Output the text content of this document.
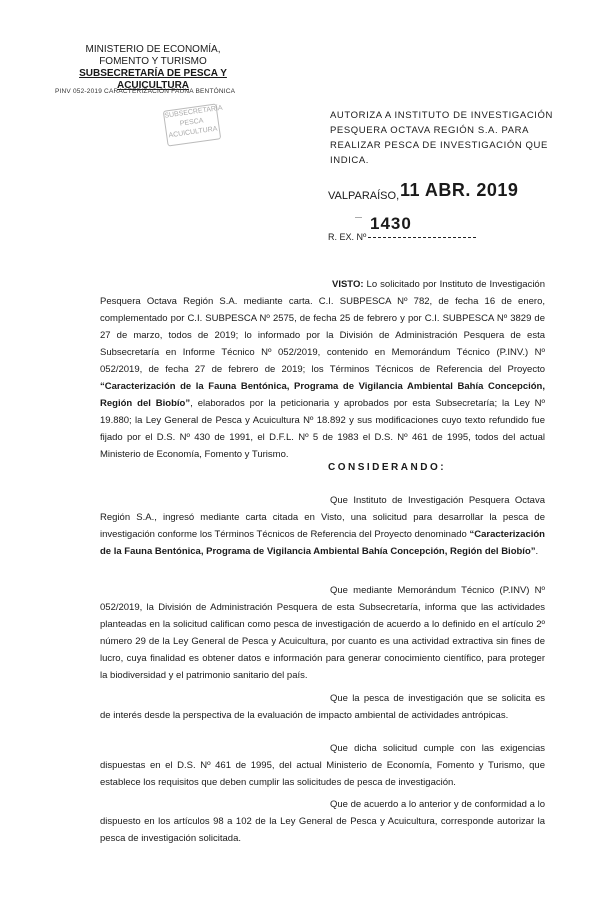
MINISTERIO DE ECONOMÍA,
FOMENTO Y TURISMO
SUBSECRETARÍA DE PESCA Y ACUICULTURA
PINV 052-2019 CARACTERIZACIÓN FAUNA BENTÓNICA
SUBSECRETARÍA
PESCA
ACUICULTURA
AUTORIZA A INSTITUTO DE INVESTIGACIÓN PESQUERA OCTAVA REGIÓN S.A. PARA REALIZAR PESCA DE INVESTIGACIÓN QUE INDICA.
VALPARAÍSO, 11 ABR. 2019
—
R. EX. Nº
1430
VISTO: Lo solicitado por Instituto de Investigación Pesquera Octava Región S.A. mediante carta. C.I. SUBPESCA Nº 782, de fecha 16 de enero, complementado por C.I. SUBPESCA Nº 2575, de fecha 25 de febrero y por C.I. SUBPESCA Nº 3829 de 27 de marzo, todos de 2019; lo informado por la División de Administración Pesquera de esta Subsecretaría en Informe Técnico Nº 052/2019, contenido en Memorándum Técnico (P.INV.) Nº 052/2019, de fecha 27 de febrero de 2019; los Términos Técnicos de Referencia del Proyecto “Caracterización de la Fauna Bentónica, Programa de Vigilancia Ambiental Bahía Concepción, Región del Biobío”, elaborados por la peticionaria y aprobados por esta Subsecretaría; la Ley Nº 19.880; la Ley General de Pesca y Acuicultura Nº 18.892 y sus modificaciones cuyo texto refundido fue fijado por el D.S. Nº 430 de 1991, el D.F.L. Nº 5 de 1983 el D.S. Nº 461 de 1995, todos del actual Ministerio de Economía, Fomento y Turismo.
CONSIDERANDO:
Que Instituto de Investigación Pesquera Octava Región S.A., ingresó mediante carta citada en Visto, una solicitud para desarrollar la pesca de investigación conforme los Términos Técnicos de Referencia del Proyecto denominado “Caracterización de la Fauna Bentónica, Programa de Vigilancia Ambiental Bahía Concepción, Región del Biobío”.
Que mediante Memorándum Técnico (P.INV) Nº 052/2019, la División de Administración Pesquera de esta Subsecretaría, informa que las actividades planteadas en la solicitud califican como pesca de investigación de acuerdo a lo definido en el artículo 2º número 29 de la Ley General de Pesca y Acuicultura, por cuanto es una actividad extractiva sin fines de lucro, cuya finalidad es obtener datos e información para generar conocimiento científico, para proteger la biodiversidad y el patrimonio sanitario del país.
Que la pesca de investigación que se solicita es de interés desde la perspectiva de la evaluación de impacto ambiental de actividades antrópicas.
Que dicha solicitud cumple con las exigencias dispuestas en el D.S. Nº 461 de 1995, del actual Ministerio de Economía, Fomento y Turismo, que establece los requisitos que deben cumplir las solicitudes de pesca de investigación.
Que de acuerdo a lo anterior y de conformidad a lo dispuesto en los artículos 98 a 102 de la Ley General de Pesca y Acuicultura, corresponde autorizar la pesca de investigación solicitada.
